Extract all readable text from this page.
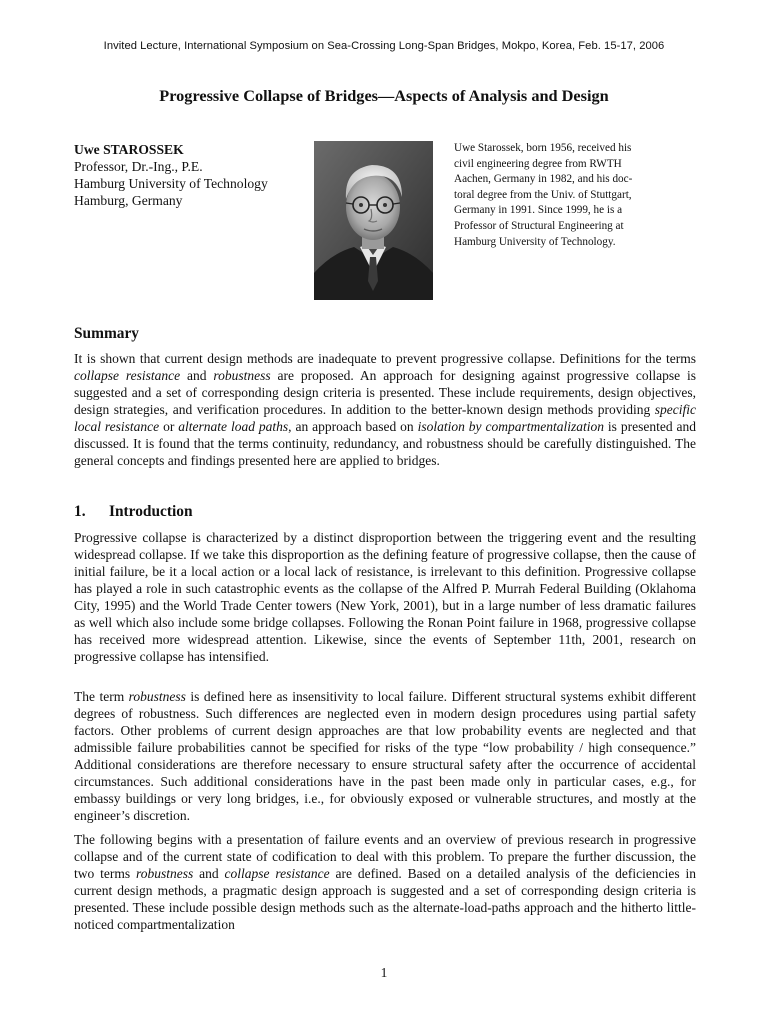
Invited Lecture, International Symposium on Sea-Crossing Long-Span Bridges, Mokpo, Korea, Feb. 15-17, 2006
Progressive Collapse of Bridges—Aspects of Analysis and Design
Uwe STAROSSEK
Professor, Dr.-Ing., P.E.
Hamburg University of Technology
Hamburg, Germany
Uwe Starossek, born 1956, received his
civil engineering degree from RWTH
Aachen, Germany in 1982, and his doc-
toral degree from the Univ. of Stuttgart,
Germany in 1991. Since 1999, he is a
Professor of Structural Engineering at
Hamburg University of Technology.
Summary
It is shown that current design methods are inadequate to prevent progressive collapse. Definitions for the terms collapse resistance and robustness are proposed. An approach for designing against progressive collapse is suggested and a set of corresponding design criteria is presented. These include requirements, design objectives, design strategies, and verification procedures. In addition to the better-known design methods providing specific local resistance or alternate load paths, an approach based on isolation by compartmentalization is presented and discussed. It is found that the terms continuity, redundancy, and robustness should be carefully distinguished. The general concepts and findings presented here are applied to bridges.
1. Introduction
Progressive collapse is characterized by a distinct disproportion between the triggering event and the resulting widespread collapse. If we take this disproportion as the defining feature of progressive collapse, then the cause of initial failure, be it a local action or a local lack of resistance, is irrelevant to this definition. Progressive collapse has played a role in such catastrophic events as the collapse of the Alfred P. Murrah Federal Building (Oklahoma City, 1995) and the World Trade Center towers (New York, 2001), but in a large number of less dramatic failures as well which also include some bridge collapses. Following the Ronan Point failure in 1968, progressive collapse has received more widespread attention. Likewise, since the events of September 11th, 2001, research on progressive collapse has intensified.
The term robustness is defined here as insensitivity to local failure. Different structural systems exhibit different degrees of robustness. Such differences are neglected even in modern design procedures using partial safety factors. Other problems of current design approaches are that low probability events are neglected and that admissible failure probabilities cannot be specified for risks of the type “low probability / high consequence.” Additional considerations are therefore necessary to ensure structural safety after the occurrence of accidental circumstances. Such additional considerations have in the past been made only in particular cases, e.g., for embassy buildings or very long bridges, i.e., for obviously exposed or vulnerable structures, and mostly at the engineer’s discretion.
The following begins with a presentation of failure events and an overview of previous research in progressive collapse and of the current state of codification to deal with this problem. To prepare the further discussion, the two terms robustness and collapse resistance are defined. Based on a detailed analysis of the deficiencies in current design methods, a pragmatic design approach is suggested and a set of corresponding design criteria is presented. These include possible design methods such as the alternate-load-paths approach and the hitherto little-noticed compartmentalization
1
